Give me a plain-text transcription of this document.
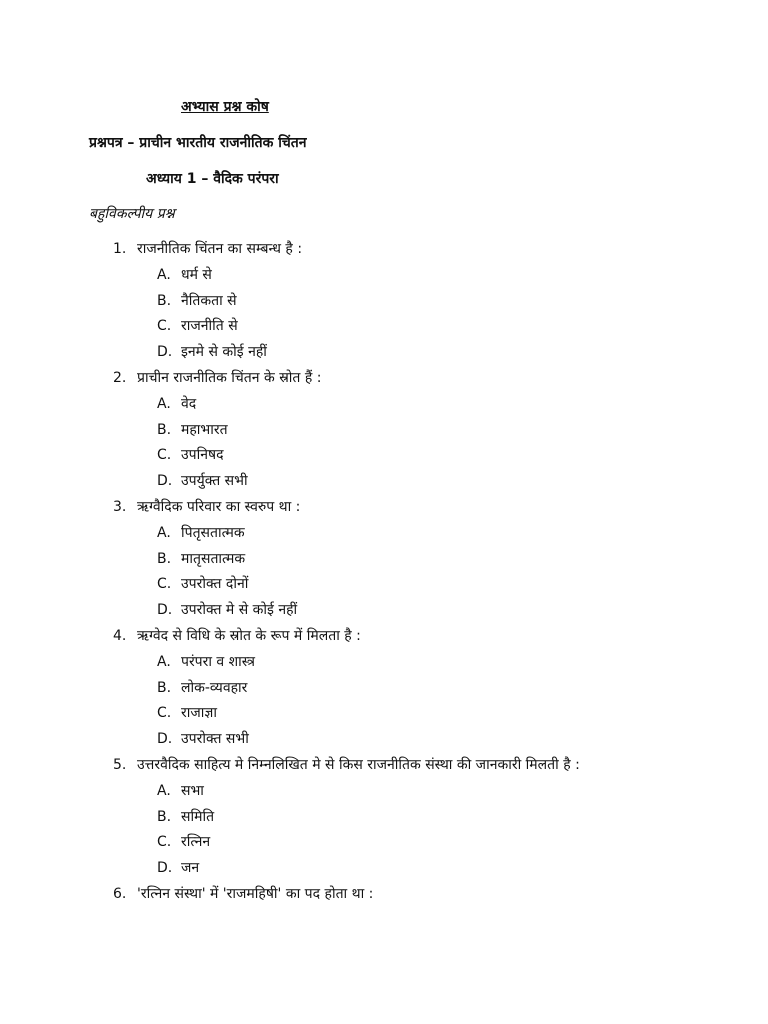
अभ्यास प्रश्न कोष
प्रश्नपत्र – प्राचीन भारतीय राजनीतिक चिंतन
अध्याय 1 – वैदिक परंपरा
बहुविकल्पीय प्रश्न
1. राजनीतिक चिंतन का सम्बन्ध है :
A. धर्म से
B. नैतिकता से
C. राजनीति से
D. इनमे से कोई नहीं
2. प्राचीन राजनीतिक चिंतन के स्रोत हैं :
A. वेद
B. महाभारत
C. उपनिषद
D. उपर्युक्त सभी
3. ऋग्वैदिक परिवार का स्वरुप था :
A. पितृसतात्मक
B. मातृसतात्मक
C. उपरोक्त दोनों
D. उपरोक्त मे से कोई नहीं
4. ऋग्वेद से विधि के स्रोत के रूप में मिलता है :
A. परंपरा व शास्त्र
B. लोक-व्यवहार
C. राजाज्ञा
D. उपरोक्त सभी
5. उत्तरवैदिक साहित्य मे निम्नलिखित मे से किस राजनीतिक संस्था की जानकारी मिलती है :
A. सभा
B. समिति
C. रत्निन
D. जन
6. 'रत्निन संस्था' में 'राजमहिषी' का पद होता था :
